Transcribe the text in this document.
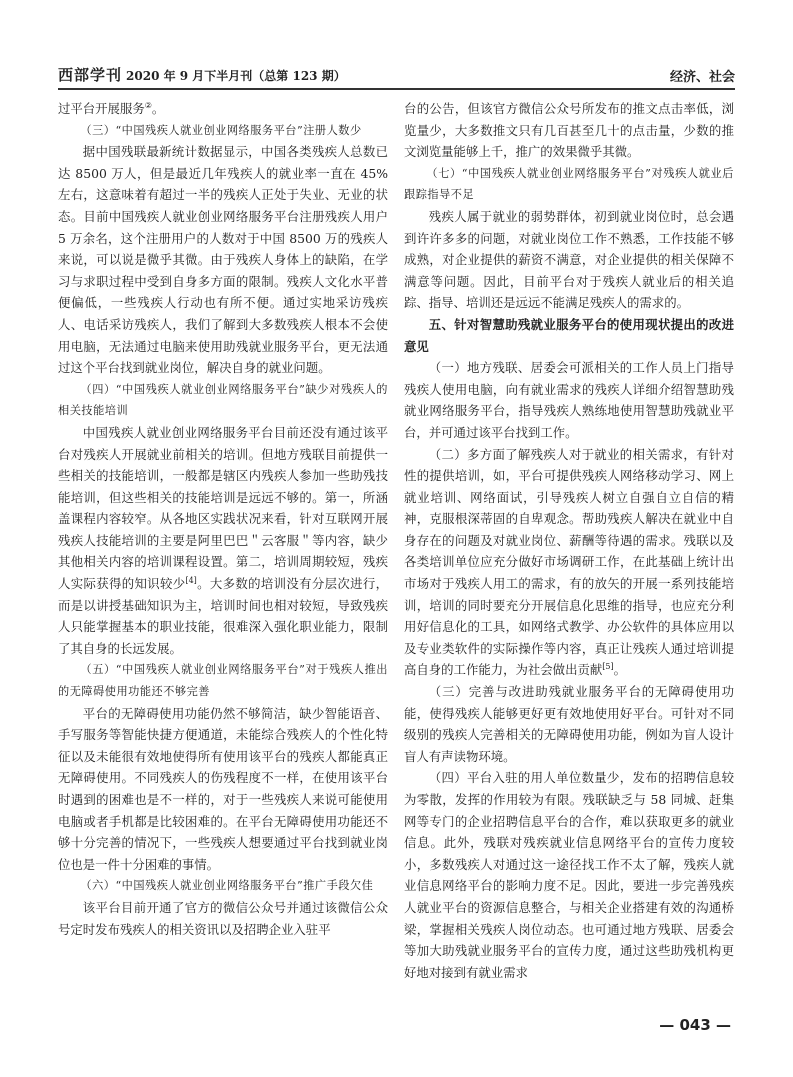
西部学刊 2020 年 9 月下半月刊（总第 123 期）	经济、社会

过平台开展服务②。

（三）“中国残疾人就业创业网络服务平台”注册人数少

据中国残联最新统计数据显示，中国各类残疾人总数已达 8500 万人，但是最近几年残疾人的就业率一直在 45% 左右，这意味着有超过一半的残疾人正处于失业、无业的状态。目前中国残疾人就业创业网络服务平台注册残疾人用户 5 万余名，这个注册用户的人数对于中国 8500 万的残疾人来说，可以说是微乎其微。由于残疾人身体上的缺陷，在学习与求职过程中受到自身多方面的限制。残疾人文化水平普便偏低，一些残疾人行动也有所不便。通过实地采访残疾人、电话采访残疾人，我们了解到大多数残疾人根本不会使用电脑，无法通过电脑来使用助残就业服务平台，更无法通过这个平台找到就业岗位，解决自身的就业问题。

（四）“中国残疾人就业创业网络服务平台”缺少对残疾人的相关技能培训

中国残疾人就业创业网络服务平台目前还没有通过该平台对残疾人开展就业前相关的培训。但地方残联目前提供一些相关的技能培训，一般都是辖区内残疾人参加一些助残技能培训，但这些相关的技能培训是远远不够的。第一，所涵盖课程内容较窄。从各地区实践状况来看，针对互联网开展残疾人技能培训的主要是阿里巴巴＂云客服＂等内容，缺少其他相关内容的培训课程设置。第二，培训周期较短，残疾人实际获得的知识较少[4]。大多数的培训没有分层次进行，而是以讲授基础知识为主，培训时间也相对较短，导致残疾人只能掌握基本的职业技能，很难深入强化职业能力，限制了其自身的长远发展。

（五）“中国残疾人就业创业网络服务平台”对于残疾人推出的无障碍使用功能还不够完善

平台的无障碍使用功能仍然不够简洁，缺少智能语音、手写服务等智能快捷方便通道，未能综合残疾人的个性化特征以及未能很有效地使得所有使用该平台的残疾人都能真正无障碍使用。不同残疾人的伤残程度不一样，在使用该平台时遇到的困难也是不一样的，对于一些残疾人来说可能使用电脑或者手机都是比较困难的。在平台无障碍使用功能还不够十分完善的情况下，一些残疾人想要通过平台找到就业岗位也是一件十分困难的事情。

（六）“中国残疾人就业创业网络服务平台”推广手段欠佳

该平台目前开通了官方的微信公众号并通过该微信公众号定时发布残疾人的相关资讯以及招聘企业入驻平

台的公告，但该官方微信公众号所发布的推文点击率低，浏览量少，大多数推文只有几百甚至几十的点击量，少数的推文浏览量能够上千，推广的效果微乎其微。

（七）“中国残疾人就业创业网络服务平台”对残疾人就业后跟踪指导不足

残疾人属于就业的弱势群体，初到就业岗位时，总会遇到许许多多的问题，对就业岗位工作不熟悉，工作技能不够成熟，对企业提供的薪资不满意，对企业提供的相关保障不满意等问题。因此，目前平台对于残疾人就业后的相关追踪、指导、培训还是远远不能满足残疾人的需求的。

五、针对智慧助残就业服务平台的使用现状提出的改进意见

（一）地方残联、居委会可派相关的工作人员上门指导残疾人使用电脑，向有就业需求的残疾人详细介绍智慧助残就业网络服务平台，指导残疾人熟练地使用智慧助残就业平台，并可通过该平台找到工作。

（二）多方面了解残疾人对于就业的相关需求，有针对性的提供培训，如，平台可提供残疾人网络移动学习、网上就业培训、网络面试，引导残疾人树立自强自立自信的精神，克服根深蒂固的自卑观念。帮助残疾人解决在就业中自身存在的问题及对就业岗位、薪酬等待遇的需求。残联以及各类培训单位应充分做好市场调研工作，在此基础上统计出市场对于残疾人用工的需求，有的放矢的开展一系列技能培训，培训的同时要充分开展信息化思维的指导，也应充分利用好信息化的工具，如网络式教学、办公软件的具体应用以及专业类软件的实际操作等内容，真正让残疾人通过培训提高自身的工作能力，为社会做出贡献[5]。

（三）完善与改进助残就业服务平台的无障碍使用功能，使得残疾人能够更好更有效地使用好平台。可针对不同级别的残疾人完善相关的无障碍使用功能，例如为盲人设计盲人有声读物环境。

（四）平台入驻的用人单位数量少，发布的招聘信息较为零散，发挥的作用较为有限。残联缺乏与 58 同城、赶集网等专门的企业招聘信息平台的合作，难以获取更多的就业信息。此外，残联对残疾就业信息网络平台的宣传力度较小，多数残疾人对通过这一途径找工作不太了解，残疾人就业信息网络平台的影响力度不足。因此，要进一步完善残疾人就业平台的资源信息整合，与相关企业搭建有效的沟通桥梁，掌握相关残疾人岗位动态。也可通过地方残联、居委会等加大助残就业服务平台的宣传力度，通过这些助残机构更好地对接到有就业需求

— 043 —
